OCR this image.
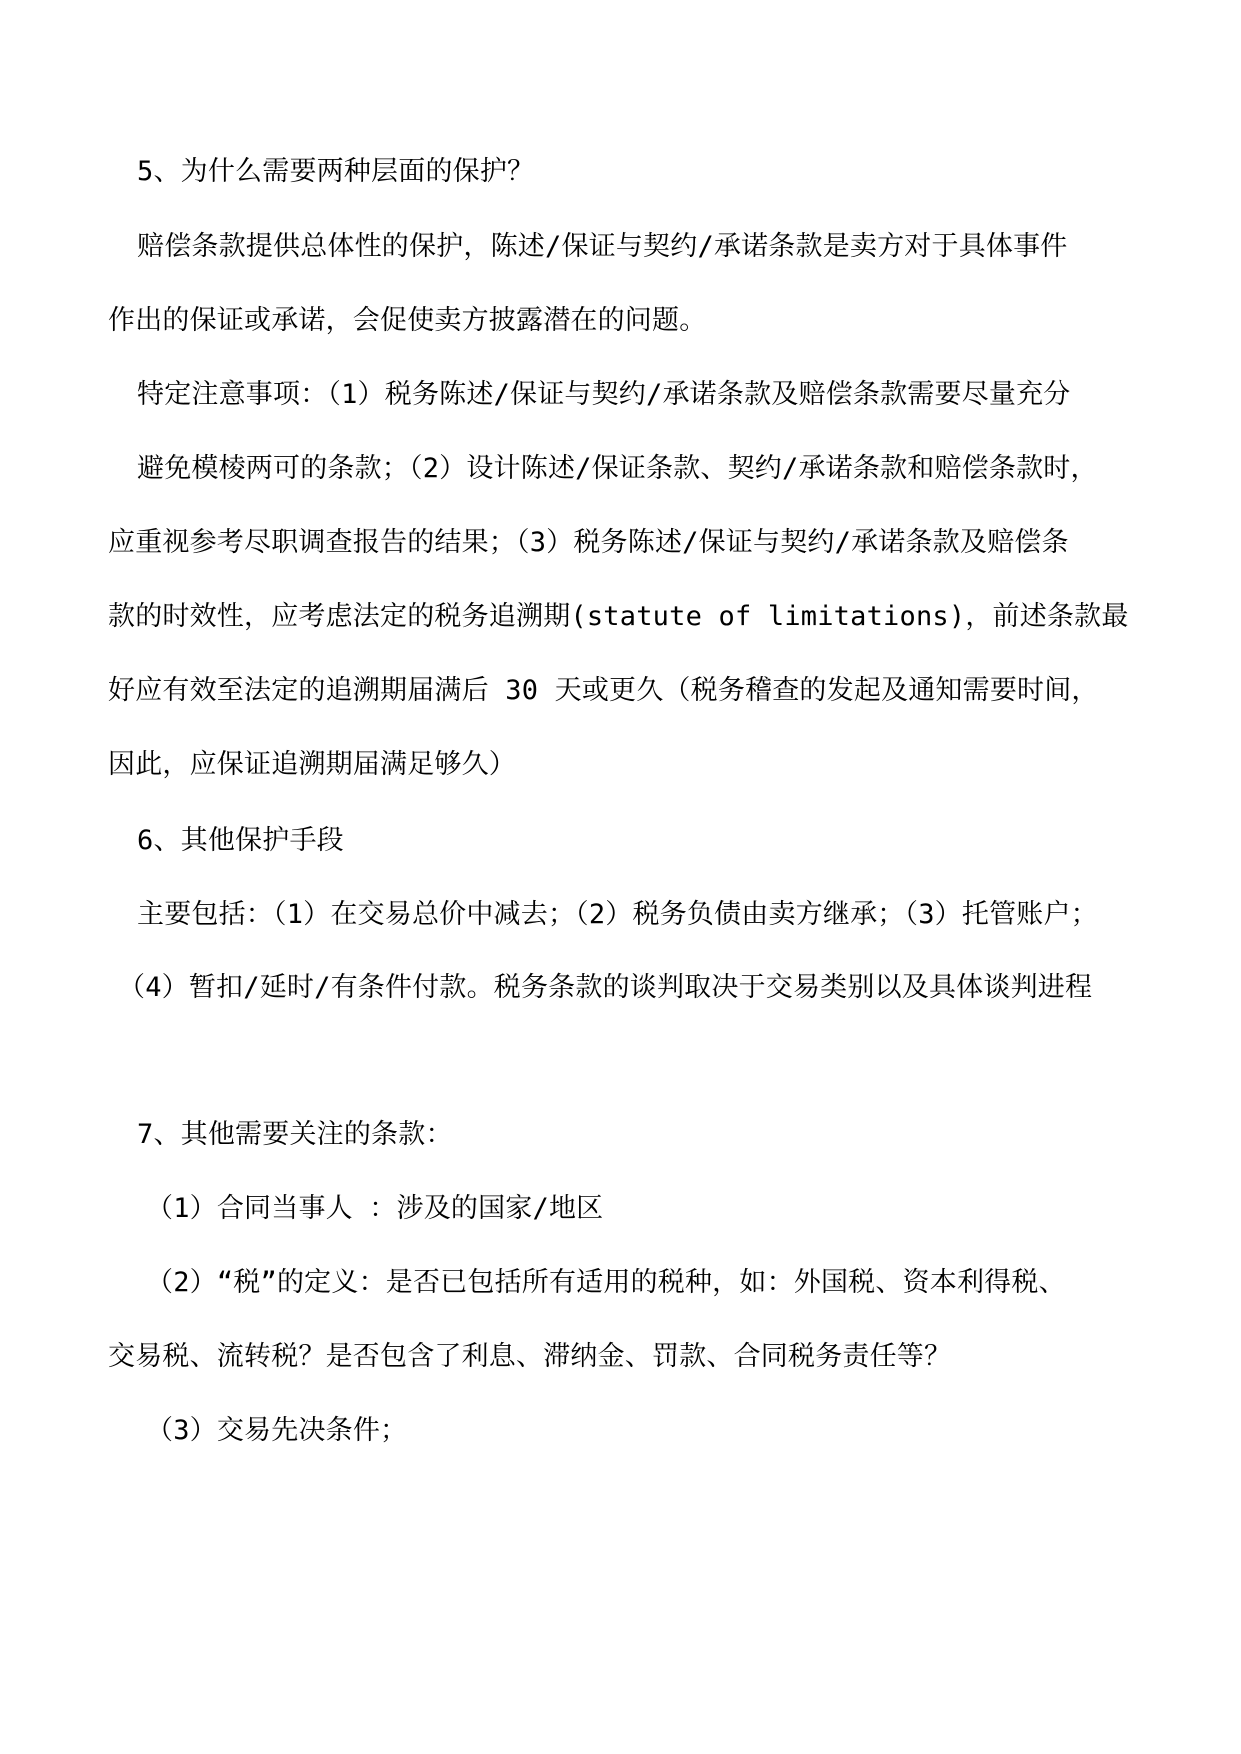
5、为什么需要两种层面的保护？
赔偿条款提供总体性的保护，陈述/保证与契约/承诺条款是卖方对于具体事件
作出的保证或承诺，会促使卖方披露潜在的问题。
特定注意事项：（1）税务陈述/保证与契约/承诺条款及赔偿条款需要尽量充分
避免模棱两可的条款；（2）设计陈述/保证条款、契约/承诺条款和赔偿条款时，
应重视参考尽职调查报告的结果；（3）税务陈述/保证与契约/承诺条款及赔偿条
款的时效性，应考虑法定的税务追溯期(statute of limitations)，前述条款最
好应有效至法定的追溯期届满后 30 天或更久（税务稽查的发起及通知需要时间，
因此，应保证追溯期届满足够久）
6、其他保护手段
主要包括：（1）在交易总价中减去；（2）税务负债由卖方继承；（3）托管账户；
（4）暂扣/延时/有条件付款。税务条款的谈判取决于交易类别以及具体谈判进程
7、其他需要关注的条款：
（1）合同当事人 ：涉及的国家/地区
（2）“税”的定义：是否已包括所有适用的税种，如：外国税、资本利得税、
交易税、流转税？是否包含了利息、滞纳金、罚款、合同税务责任等？
（3）交易先决条件；
